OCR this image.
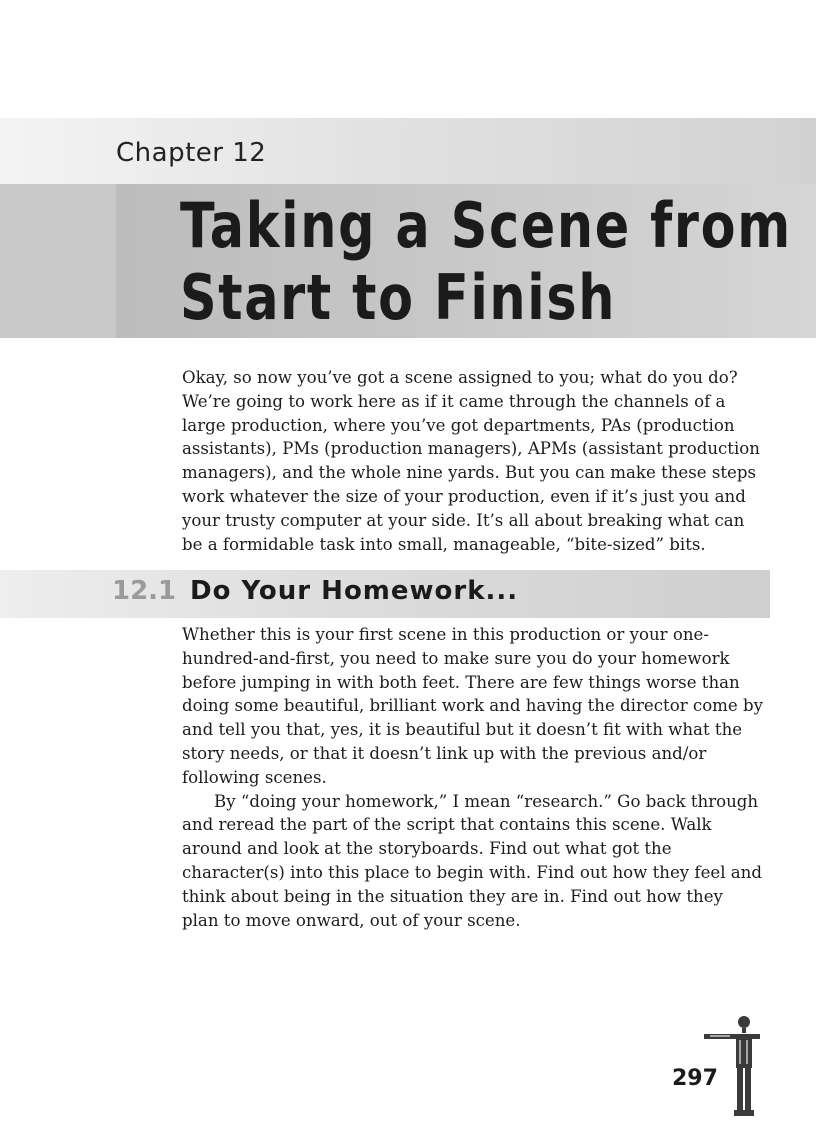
Chapter 12
Taking a Scene from
Start to Finish

Okay, so now you’ve got a scene assigned to you; what do you do? We’re going to work here as if it came through the channels of a large production, where you’ve got departments, PAs (production assistants), PMs (production managers), APMs (assistant production managers), and the whole nine yards. But you can make these steps work whatever the size of your production, even if it’s just you and your trusty computer at your side. It’s all about breaking what can be a formidable task into small, manageable, “bite-sized” bits.

12.1 Do Your Homework...

Whether this is your first scene in this production or your one-hundred-and-first, you need to make sure you do your homework before jumping in with both feet. There are few things worse than doing some beautiful, brilliant work and having the director come by and tell you that, yes, it is beautiful but it doesn’t fit with what the story needs, or that it doesn’t link up with the previous and/or following scenes.

By “doing your homework,” I mean “research.” Go back through and reread the part of the script that contains this scene. Walk around and look at the storyboards. Find out what got the character(s) into this place to begin with. Find out how they feel and think about being in the situation they are in. Find out how they plan to move onward, out of your scene.

297
